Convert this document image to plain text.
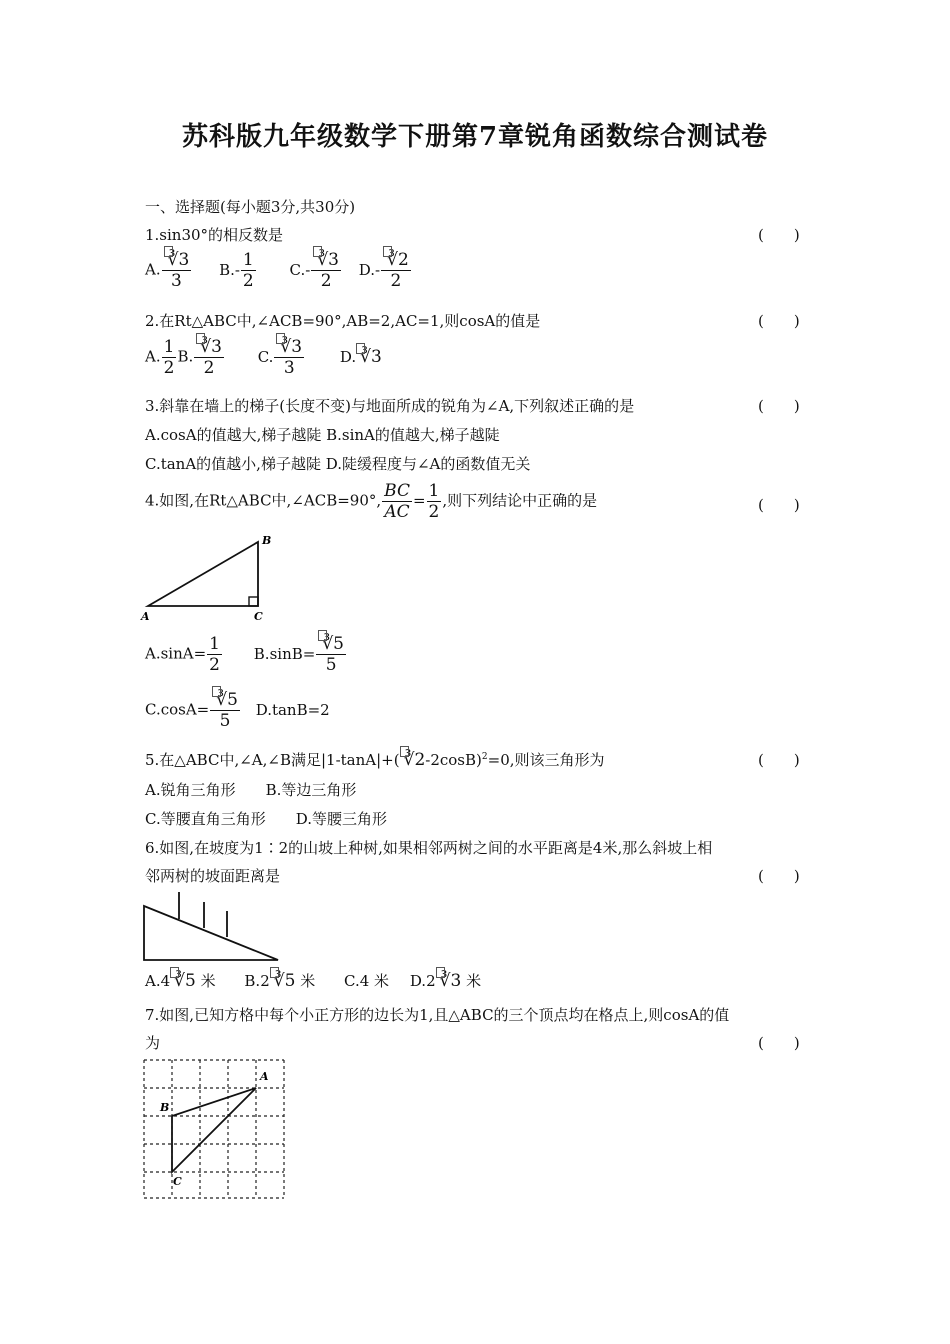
苏科版九年级数学下册第7章锐角函数综合测试卷
一、选择题(每小题3分,共30分)
1.sin30°的相反数是	(　　)
A. $\frac{∛3}{3} B.- \frac{1}{2} C.- \frac{∛3}{2} D.- \frac{∛2}{2}$
2.在Rt△ABC中,∠ACB=90°,AB=2,AC=1,则cosA的值是	(　　)
A. $\frac{1}{2} B$. $\frac{∛3}{2} C$. $\frac{∛3}{3} D$. ∛3
3.斜靠在墙上的梯子(长度不变)与地面所成的锐角为∠A,下列叙述正确的是	(　　)
A.cosA的值越大,梯子越陡 B.sinA的值越大,梯子越陡
C.tanA的值越小,梯子越陡 D.陡缓程度与∠A的函数值无关
4.如图,在Rt△ABC中,∠ACB=90°, $\frac{BC}{AC} = \frac{1}{2}$ ,则下列结论中正确的是	(　　)
A
B
C
$A.\sin A= \frac{1}{2} B.\sin B= \frac{∛5}{5}$
$C.\cos A= \frac{∛5}{5} D.\tan B=2$
5.在△ABC中,∠A,∠B满足|1-tanA|+( ∛2-2cosB)$^2$=0,则该三角形为	(　　)
A.锐角三角形　　B.等边三角形
C.等腰直角三角形　　D.等腰三角形
6.如图,在坡度为1∶2的山坡上种树,如果相邻两树之间的水平距离是4米,那么斜坡上相
邻两树的坡面距离是	(　　)
A.4 ∛5 米 B.2 ∛5 米 C.4 米 D.2 ∛3 米
7.如图,已知方格中每个小正方形的边长为1,且△ABC的三个顶点均在格点上,则cosA的值
为	(　　)
A
B
C
